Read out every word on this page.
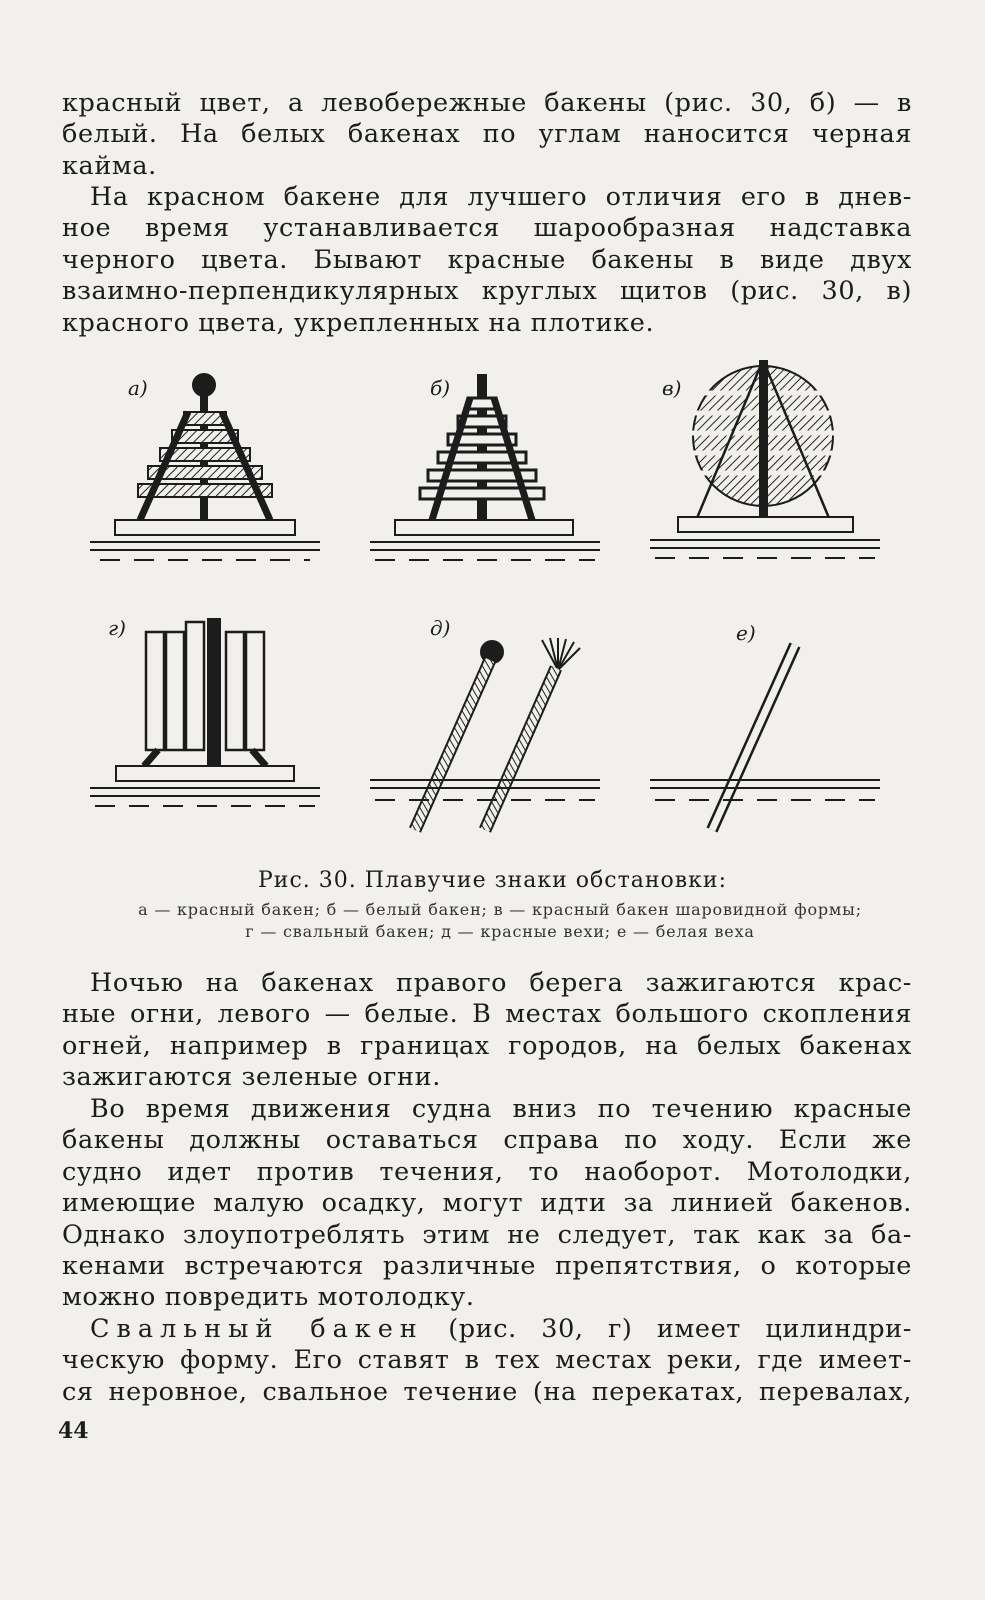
красный цвет, а левобережные бакены (рис. 30, б) — в
белый. На белых бакенах по углам наносится черная
кайма.
На красном бакене для лучшего отличия его в днев-
ное время устанавливается шарообразная надставка
черного цвета. Бывают красные бакены в виде двух
взаимно-перпендикулярных круглых щитов (рис. 30, в)
красного цвета, укрепленных на плотике.
а)	б)	в)
г)	д)	е)
Рис. 30. Плавучие знаки обстановки:
а — красный бакен; б — белый бакен; в — красный бакен шаровидной формы;
г — свальный бакен; д — красные вехи; е — белая веха
Ночью на бакенах правого берега зажигаются крас-
ные огни, левого — белые. В местах большого скопления
огней, например в границах городов, на белых бакенах
зажигаются зеленые огни.
Во время движения судна вниз по течению красные
бакены должны оставаться справа по ходу. Если же
судно идет против течения, то наоборот. Мотолодки,
имеющие малую осадку, могут идти за линией бакенов.
Однако злоупотреблять этим не следует, так как за ба-
кенами встречаются различные препятствия, о которые
можно повредить мотолодку.
Свальный бакен (рис. 30, г) имеет цилиндри-
ческую форму. Его ставят в тех местах реки, где имеет-
ся неровное, свальное течение (на перекатах, перевалах,
44
